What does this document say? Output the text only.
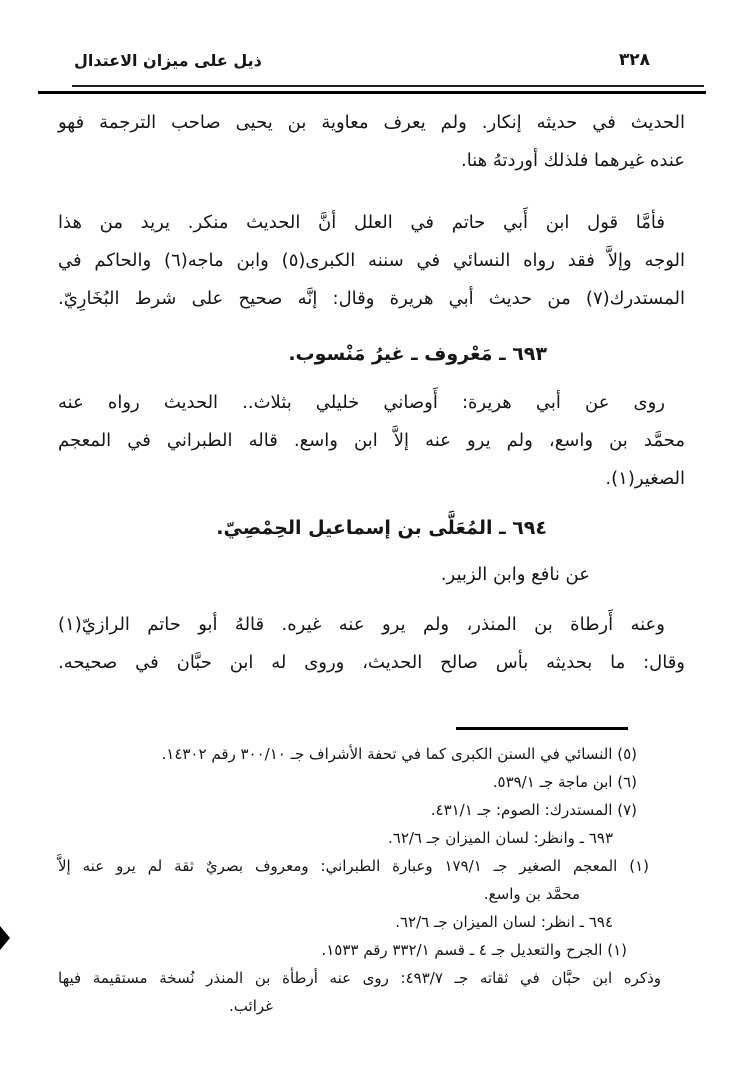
ذيل على ميزان الاعتدال	٣٢٨
الحديث في حديثه إنكار. ولم يعرف معاوية بن يحيى صاحب الترجمة فهو
عنده غيرهما فلذلك أوردتهُ هنا.
فأمَّا قول ابن أَبي حاتم في العلل أنَّ الحديث منكر. يريد من هذا
الوجه وإلاَّ فقد رواه النسائي في سننه الكبرى(٥) وابن ماجه(٦) والحاكم في
المستدرك(٧) من حديث أبي هريرة وقال: إنَّه صحيح على شرط البُخَارِيّ.
٦٩٣ ـ مَعْروف ـ غيرُ مَنْسوب.
روى عن أبي هريرة: أَوصاني خليلي بثلاث.. الحديث رواه عنه
محمَّد بن واسع، ولم يرو عنه إلاَّ ابن واسع. قاله الطبراني في المعجم
الصغير(١).
٦٩٤ ـ المُعَلَّى بن إسماعيل الحِمْصِيّ.
عن نافع وابن الزبير.
وعنه أَرطاة بن المنذر، ولم يرو عنه غيره. قالهُ أبو حاتم الرازيّ(١)
وقال: ما بحديثه بأس صالح الحديث، وروى له ابن حبَّان في صحيحه.
(٥) النسائي في السنن الكبرى كما في تحفة الأشراف جـ ٣٠٠/١٠ رقم ١٤٣٠٢.
(٦) ابن ماجة جـ ٥٣٩/١.
(٧) المستدرك: الصوم: جـ ٤٣١/١.
٦٩٣ ـ وانظر: لسان الميزان جـ ٦٢/٦.
(١) المعجم الصغير جـ ١٧٩/١ وعبارة الطبراني: ومعروف بصريٌ ثقة لم يرو عنه إلاَّ
محمَّد بن واسع.
٦٩٤ ـ انظر: لسان الميزان جـ ٦٢/٦.
(١) الجرح والتعديل جـ ٤ ـ قسم ٣٣٢/١ رقم ١٥٣٣.
وذكره ابن حبَّان في ثقاته جـ ٤٩٣/٧: روى عنه أرطأة بن المنذر نُسخة مستقيمة فيها
غرائب.
